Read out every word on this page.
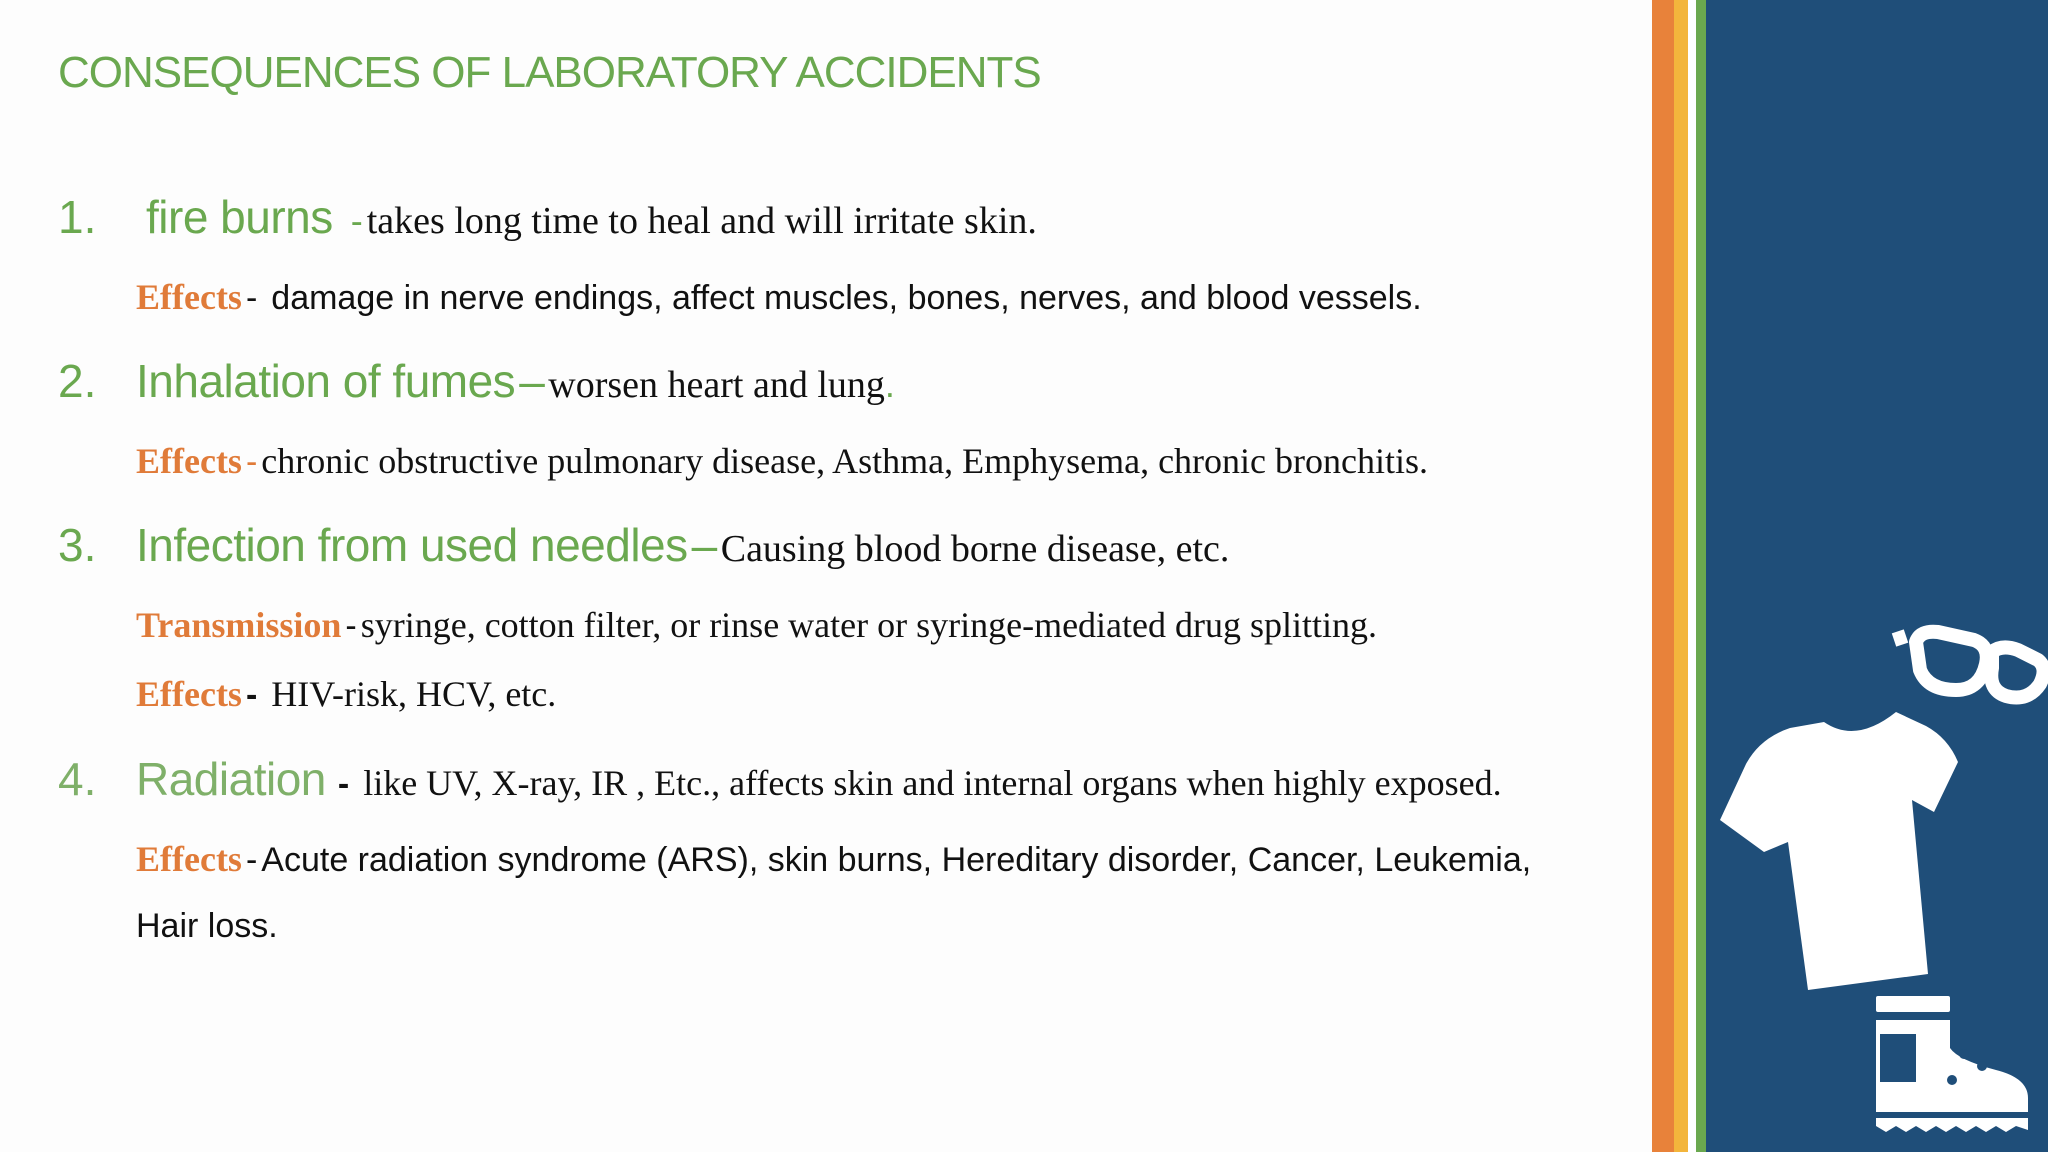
CONSEQUENCES OF LABORATORY ACCIDENTS
1. fire burns - takes long time to heal and will irritate skin.
Effects - damage in nerve endings, affect muscles, bones, nerves, and blood vessels.
2. Inhalation of fumes – worsen heart and lung.
Effects - chronic obstructive pulmonary disease, Asthma, Emphysema, chronic bronchitis.
3. Infection from used needles – Causing blood borne disease, etc.
Transmission - syringe, cotton filter, or rinse water or syringe-mediated drug splitting.
Effects - HIV-risk, HCV, etc.
4. Radiation - like UV, X-ray, IR , Etc., affects skin and internal organs when highly exposed.
Effects - Acute radiation syndrome (ARS), skin burns, Hereditary disorder, Cancer, Leukemia,
Hair loss.
